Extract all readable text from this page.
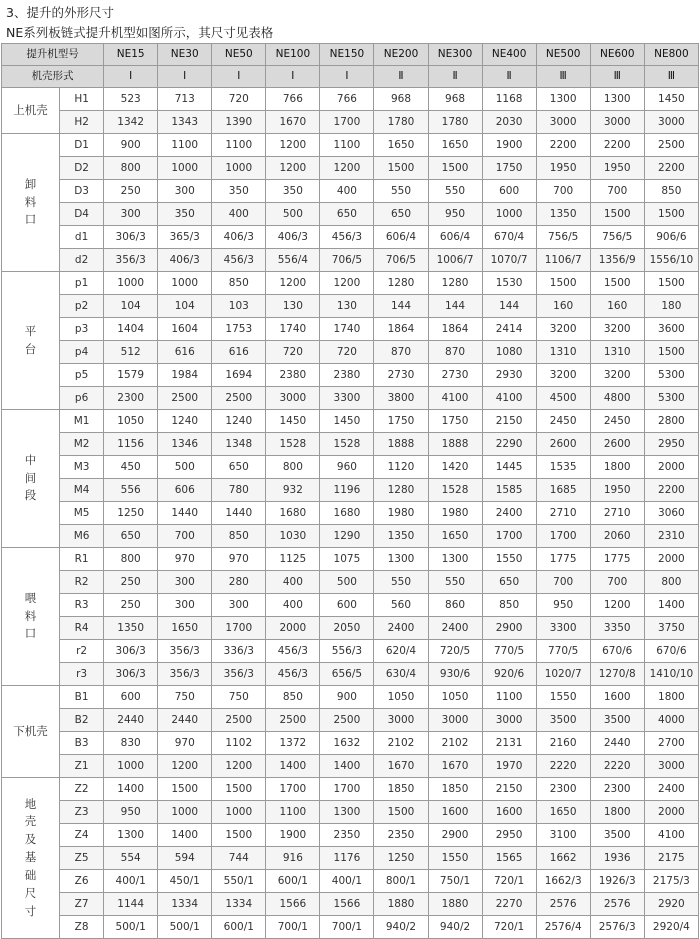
3、提升的外形尺寸
NE系列板链式提升机型如图所示，其尺寸见表格
提升机型号		NE15	NE30	NE50	NE100	NE150	NE200	NE300	NE400	NE500	NE600	NE800
机壳形式		Ⅰ	Ⅰ	Ⅰ	Ⅰ	Ⅰ	Ⅱ	Ⅱ	Ⅱ	Ⅲ	Ⅲ	Ⅲ
上机壳	H1	523	713	720	766	766	968	968	1168	1300	1300	1450
	H2	1342	1343	1390	1670	1700	1780	1780	2030	3000	3000	3000
卸料口	D1	900	1100	1100	1200	1100	1650	1650	1900	2200	2200	2500
	D2	800	1000	1000	1200	1200	1500	1500	1750	1950	1950	2200
	D3	250	300	350	350	400	550	550	600	700	700	850
	D4	300	350	400	500	650	650	950	1000	1350	1500	1500
	d1	306/3	365/3	406/3	406/3	456/3	606/4	606/4	670/4	756/5	756/5	906/6
	d2	356/3	406/3	456/3	556/4	706/5	706/5	1006/7	1070/7	1106/7	1356/9	1556/10
平台	p1	1000	1000	850	1200	1200	1280	1280	1530	1500	1500	1500
	p2	104	104	103	130	130	144	144	144	160	160	180
	p3	1404	1604	1753	1740	1740	1864	1864	2414	3200	3200	3600
	p4	512	616	616	720	720	870	870	1080	1310	1310	1500
	p5	1579	1984	1694	2380	2380	2730	2730	2930	3200	3200	5300
	p6	2300	2500	2500	3000	3300	3800	4100	4100	4500	4800	5300
中间段	M1	1050	1240	1240	1450	1450	1750	1750	2150	2450	2450	2800
	M2	1156	1346	1348	1528	1528	1888	1888	2290	2600	2600	2950
	M3	450	500	650	800	960	1120	1420	1445	1535	1800	2000
	M4	556	606	780	932	1196	1280	1528	1585	1685	1950	2200
	M5	1250	1440	1440	1680	1680	1980	1980	2400	2710	2710	3060
	M6	650	700	850	1030	1290	1350	1650	1700	1700	2060	2310
喂料口	R1	800	970	970	1125	1075	1300	1300	1550	1775	1775	2000
	R2	250	300	280	400	500	550	550	650	700	700	800
	R3	250	300	300	400	600	560	860	850	950	1200	1400
	R4	1350	1650	1700	2000	2050	2400	2400	2900	3300	3350	3750
	r2	306/3	356/3	336/3	456/3	556/3	620/4	720/5	770/5	770/5	670/6	670/6
	r3	306/3	356/3	356/3	456/3	656/5	630/4	930/6	920/6	1020/7	1270/8	1410/10
下机壳	B1	600	750	750	850	900	1050	1050	1100	1550	1600	1800
	B2	2440	2440	2500	2500	2500	3000	3000	3000	3500	3500	4000
	B3	830	970	1102	1372	1632	2102	2102	2131	2160	2440	2700
	Z1	1000	1200	1200	1400	1400	1670	1670	1970	2220	2220	3000
地壳及基础尺寸	Z2	1400	1500	1500	1700	1700	1850	1850	2150	2300	2300	2400
	Z3	950	1000	1000	1100	1300	1500	1600	1600	1650	1800	2000
	Z4	1300	1400	1500	1900	2350	2350	2900	2950	3100	3500	4100
	Z5	554	594	744	916	1176	1250	1550	1565	1662	1936	2175
	Z6	400/1	450/1	550/1	600/1	400/1	800/1	750/1	720/1	1662/3	1926/3	2175/3
	Z7	1144	1334	1334	1566	1566	1880	1880	2270	2576	2576	2920
	Z8	500/1	500/1	600/1	700/1	700/1	940/2	940/2	720/1	2576/4	2576/3	2920/4
